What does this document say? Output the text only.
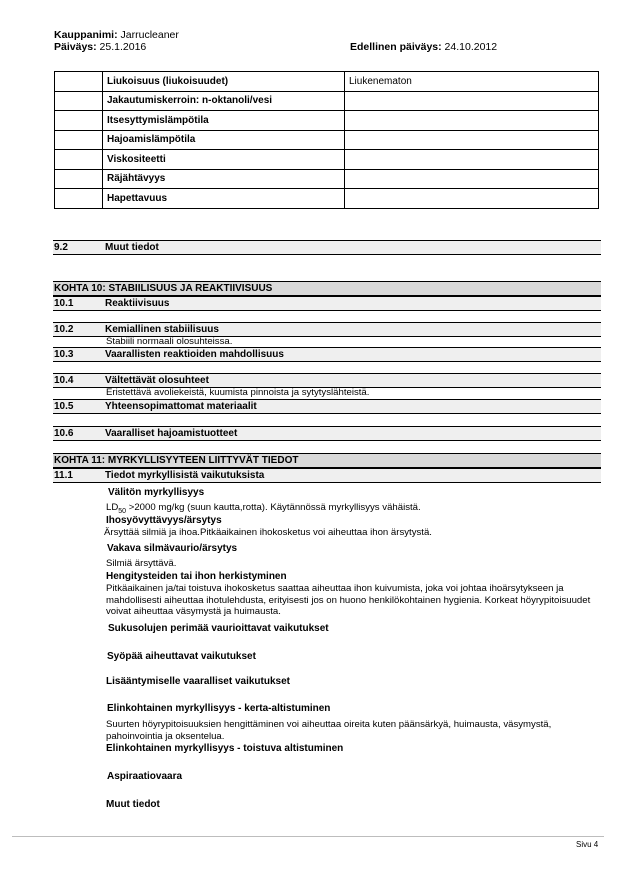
Kauppanimi: Jarrucleaner
Päiväys: 25.1.2016	Edellinen päiväys: 24.10.2012
	Liukoisuus (liukoisuudet)	Liukenematon
	Jakautumiskerroin: n-oktanoli/vesi	
	Itsesyttymislämpötila	
	Hajoamislämpötila	
	Viskositeetti	
	Räjähtävyys	
	Hapettavuus	
9.2	Muut tiedot
KOHTA 10: STABIILISUUS JA REAKTIIVISUUS
10.1	Reaktiivisuus
10.2	Kemiallinen stabiilisuus
Stabiili normaali olosuhteissa.
10.3	Vaarallisten reaktioiden mahdollisuus
10.4	Vältettävät olosuhteet
Eristettävä avoliekeistä, kuumista pinnoista ja sytytyslähteistä.
10.5	Yhteensopimattomat materiaalit
10.6	Vaaralliset hajoamistuotteet
KOHTA 11: MYRKYLLISYYTEEN LIITTYVÄT TIEDOT
11.1	Tiedot myrkyllisistä vaikutuksista
Välitön myrkyllisyys
$LD_{50} >2000$ mg/kg (suun kautta,rotta). Käytännössä myrkyllisyys vähäistä.
Ihosyövyttävyys/ärsytys
Ärsyttää silmiä ja ihoa.Pitkäaikainen ihokosketus voi aiheuttaa ihon ärsytystä.
Vakava silmävaurio/ärsytys
Silmiä ärsyttävä.
Hengitysteiden tai ihon herkistyminen
Pitkäaikainen ja/tai toistuva ihokosketus saattaa aiheuttaa ihon kuivumista, joka voi johtaa ihoärsytykseen ja mahdollisesti aiheuttaa ihotulehdusta, erityisesti jos on huono henkilökohtainen hygienia. Korkeat höyrypitoisuudet voivat aiheuttaa väsymystä ja huimausta.
Sukusolujen perimää vaurioittavat vaikutukset
Syöpää aiheuttavat vaikutukset
Lisääntymiselle vaaralliset vaikutukset
Elinkohtainen myrkyllisyys - kerta-altistuminen
Suurten höyrypitoisuuksien hengittäminen voi aiheuttaa oireita kuten päänsärkyä, huimausta, väsymystä, pahoinvointia ja oksentelua.
Elinkohtainen myrkyllisyys - toistuva altistuminen
Aspiraatiovaara
Muut tiedot
Sivu 4
